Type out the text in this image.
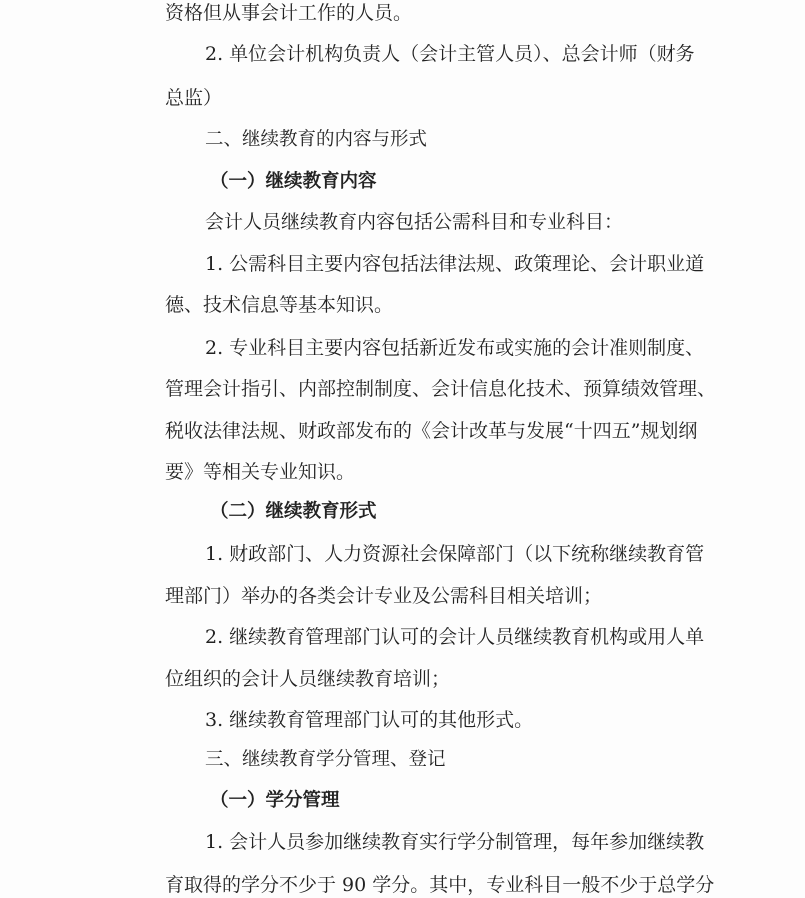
资格但从事会计工作的人员。
2. 单位会计机构负责人（会计主管人员）、总会计师（财务
总监）
二、继续教育的内容与形式
（一）继续教育内容
会计人员继续教育内容包括公需科目和专业科目：
1. 公需科目主要内容包括法律法规、政策理论、会计职业道
德、技术信息等基本知识。
2. 专业科目主要内容包括新近发布或实施的会计准则制度、
管理会计指引、内部控制制度、会计信息化技术、预算绩效管理、
税收法律法规、财政部发布的《会计改革与发展“十四五”规划纲
要》等相关专业知识。
（二）继续教育形式
1. 财政部门、人力资源社会保障部门（以下统称继续教育管
理部门）举办的各类会计专业及公需科目相关培训；
2. 继续教育管理部门认可的会计人员继续教育机构或用人单
位组织的会计人员继续教育培训；
3. 继续教育管理部门认可的其他形式。
三、继续教育学分管理、登记
（一）学分管理
1. 会计人员参加继续教育实行学分制管理，每年参加继续教
育取得的学分不少于 90 学分。其中，专业科目一般不少于总学分
